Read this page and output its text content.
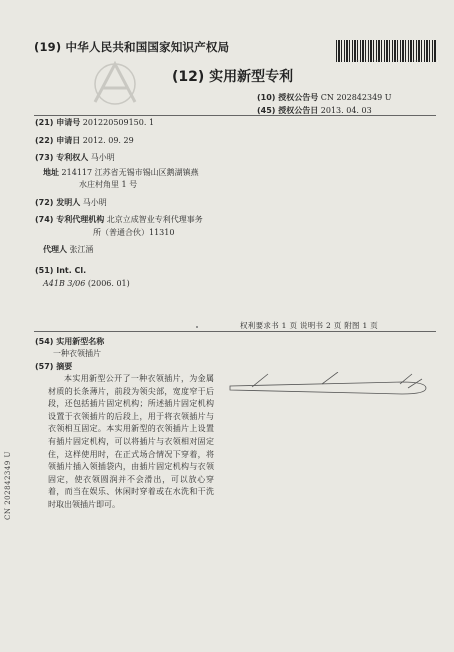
(19) 中华人民共和国国家知识产权局
(12) 实用新型专利
(10) 授权公告号 CN 202842349 U
(45) 授权公告日 2013. 04. 03
(21) 申请号 201220509150. 1
(22) 申请日 2012. 09. 29
(73) 专利权人 马小明
地址 214117 江苏省无锡市锡山区鹅湖镇燕
水庄村角里 1 号
(72) 发明人 马小明
(74) 专利代理机构 北京立成智业专利代理事务
所（普通合伙）11310
代理人 张江涵
(51) Int. Cl.
A41B 3/06 (2006. 01)
权利要求书 1 页 说明书 2 页 附图 1 页
(54) 实用新型名称
一种衣领插片
(57) 摘要
本实用新型公开了一种衣领插片，为金属材质的长条薄片，前段为领尖部，宽度窄于后段，还包括插片固定机构；所述插片固定机构设置于衣领插片的后段上，用于将衣领插片与衣领相互固定。本实用新型的衣领插片上设置有插片固定机构，可以将插片与衣领相对固定住，这样使用时，在正式场合情况下穿着，将领插片插入领插袋内，由插片固定机构与衣领固定，使衣领圆润并不会滑出，可以放心穿着，而当在娱乐、休闲时穿着或在水洗和干洗时取出领插片即可。
CN 202842349 U
